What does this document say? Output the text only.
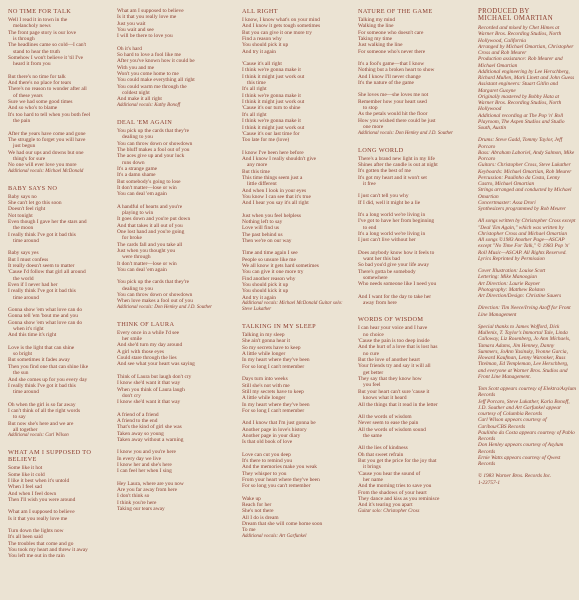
NO TIME FOR TALK
Well I read it in town in the
melancholy news
The front page story is our love
is through
The headlines came so cold—I can't
stand to hear the truth
Somehow I won't believe it 'til I've
heard it from you
But there's no time for talk
And there's no place for tears
There's no reason to wonder after all
of these years
Sure we had some good times
And so who's to blame
It's too hard to tell when you both feel
the pain
After the years have come and gone
The struggle to forget you will have
just begun
We had our ups and downs but one
thing's for sure
No one will ever love you more
Additional vocals: Michael McDonald
BABY SAYS NO
Baby says no
She can't let go this soon
Doesn't feel right
Not tonight
Even though I gave her the stars and
the moon
I really think I've got it bad this
time around
Baby says yes
But I must confess
It really doesn't seem to matter
'Cause I'd follow that girl all around
the world
Even if I never had her
I really think I've got it bad this
time around
Gonna show 'em what love can do
Gonna tell 'em 'bout me and you
Gonna show 'em what love can do
when it's right
And this time it's right
Love is the light that can shine
so bright
But sometimes it fades away
Then you find one that can shine like
the sun
And she comes up for you every day
I really think I've got it bad this
time around
Oh when the girl is so far away
I can't think of all the right words
to say
But now she's here and we are
all together
Additional vocals: Carl Wilson
WHAT AM I SUPPOSED TO BELIEVE
Some like it hot
Some like it cold
I like it best when it's untold
When I feel sad
And when I feel down
Then I'll wish you were around
What am I supposed to believe
Is it that you really love me
Turn down the lights now
It's all been said
The troubles that come and go
You took my heart and threw it away
You left me out in the rain
What am I supposed to believe
Is it that you really love me
Just you wait
You wait and see
I will be there to love you
Oh it's hard
So hard to love a fool like me
After you've known how it could be
With you and me
Won't you come home to me
You could make everything all right
You could warm me through the
coldest night
And make it all right
Additional vocals: Kathy Bonoff
DEAL 'EM AGAIN
You pick up the cards that they're
dealing to you
You can throw down or showdown
The bluff makes a fool out of you
The aces give up and your luck
runs down
It's a strange game
It's a damn shame
But somebody's going to lose
It don't matter—lose or win
You can deal 'em again
A handful of hearts and you're
playing to win
It goes down and you're put down
And that takes it all out of you
One lost hand and you're going
for broke
The cards fall and you take all
Just when you thought you
were through
It don't matter—lose or win
You can deal 'em again
You pick up the cards that they're
dealing to you
You can throw down or showdown
When love makes a fool out of you
Additional vocals: Don Henley and J.D. Souther
THINK OF LAURA
Every once in a while I'd see
her smile
And she'd turn my day around
A girl with those eyes
Could stare through the lies
And see what your heart was saying
Think of Laura but laugh don't cry
I know she'd want it that way
When you think of Laura laugh
don't cry
I know she'd want it that way
A friend of a friend
A friend to the end
That's the kind of girl she was
Taken away so young
Taken away without a warning
I know you and you're here
In every day we live
I know her and she's here
I can feel her when I sing
Hey Laura, where are you now
Are you far away from here
I don't think so
I think you're here
Taking our tears away
ALL RIGHT
I know, I know what's on your mind
And I know it gets tough sometimes
But you can give it one more try
Find a reason why
You should pick it up
And try it again
'Cause it's all right
I think we're gonna make it
I think it might just work out
this time
It's all right
I think we're gonna make it
I think it might just work out
'Cause it's our turn to shine
It's all right
I think we're gonna make it
I think it might just work out
'Cause it's our last time for
Too late for me (love)
I know I've been here before
And I know I really shouldn't give
any more
But this time
This time things seem just a
little different
And when I look in your eyes
You know I can see that it's true
And I hear you say it's all right
Just when you feel helpless
Nothing left to say
Love will find us
The past behind us
Then we're on our way
Time and time again I see
People so unsure like me
We all know it gets hard sometimes
You can give it one more try
Find another reason why
You should pick it up
You should kick it up
And try it again
Additional vocals: Michael McDonald Guitar solo: Steve Lukather
TALKING IN MY SLEEP
Talking in my sleep
She ain't gonna hear it
So my secrets have to keep
A little while longer
In my heart where they've been
For so long I can't remember
Days turn into weeks
Still she's not with me
Still my secrets have to keep
A little while longer
In my heart where they've been
For so long I can't remember
And I know that I'm just gonna be
Another page in love's history
Another page in your diary
Is that old book of love
Love can cut you deep
It's there to remind you
And the memories make you weak
They whisper to you
From your heart where they've been
For so long you can't remember
Wake up
Reach for her
She's not there
All I do is dream
Dream that she will come home soon
To me
Additional vocals: Art Garfunkel
NATURE OF THE GAME
Talking my mind
Walking the line
For someone who doesn't care
Taking my time
Just walking the line
For someone who's never there
It's a fool's game—that I know
Nothing but a broken heart to show
And I know I'll never change
It's the nature of the game
She loves me—she loves me not
Remember how your heart used
to stop
As the petals would hit the floor
How you wished there could be just
one more
Additional vocals: Don Henley and J.D. Souther
LONG WORLD
There's a brand new light in my life
Shines after the candle is out at night
It's gotten the best of me
It's got my heart and it won't set
it free
I just can't tell you why
If I did, well it might be a lie
It's a long world we're living in
I've got to have her from beginning
to end
It's a long world we're living in
I just can't live without her
Does anybody know how it feels to
want her this bad
So bad you'd give your life away
There's gotta be somebody
somewhere
Who needs someone like I need you
And I want for the day to take her
away from here
WORDS OF WISDOM
I can hear your voice and I have
no choice
'Cause the pain is too deep inside
And the hurt of a love that is lost has
no cure
But the love of another heart
Your friends try and say it will all
get better
They say that they know how
you feel
But your heart can't sure 'cause it
knows what it heard
All the things that it read in the letter
All the words of wisdom
Never seem to ease the pain
All the words of wisdom sound
the same
All the lies of kindness
Oh that sweet refrain
But you get the price for the joy that
it brings
'Cause you hear the sound of
her name
And the morning tries to save you
From the shadows of your heart
They dance and kiss as you reminisce
And it's tearing you apart
Guitar solo: Christopher Cross
PRODUCED BY
MICHAEL OMARTIAN
Recorded and mixed by Chet Himes at Warner Bros. Recording Studios, North Hollywood, California
Arranged by Michael Omartian, Christopher Cross and Rob Meurer
Production assistance: Rob Meurer and Michael Omartian
Additional engineering by Lee Herschberg, Richard Mullen, Mark Linett and John Guess
Assistant engineers: Stuart Gitlin and Margaret Guoyne
Originally mastered by Bobby Hata at Warner Bros. Recording Studios, North Hollywood
Additional recording at The Pop 'n' Roll Playroom, The Aspen Studios and Studio South, Austin
Drums: Steve Gadd, Tommy Taylor, Jeff Porcaro
Bass: Abraham Laboriel, Andy Salmon, Mike Porcaro
Guitars: Christopher Cross, Steve Lukather
Keyboards: Michael Omartian, Rob Meurer
Percussion: Paulinho da Costa, Lenny Castro, Michael Omartian
Strings arranged and conducted by Michael Omartian
Concertmaster: Assa Drori
Synthesizers programmed by Rob Meurer
All songs written by Christopher Cross except "Deal 'Em Again," which was written by Christopher Cross and Michael Omartian
All songs ©1983 Another Page—ASCAP except "No Time For Talk," © 1983 Pop 'n' Roll Music—ASCAP. All Rights Reserved. Lyrics Reprinted by Permission
Cover Illustration: Louise Scott
Lettering: Mike Manoogian
Art Direction: Laurie Rayner
Photography: Matthew Rolston
Art Direction/Design: Christine Sauers
Direction: Tim Neece/Irving Azoff for Front Line Management
Special thanks to James Wofford, Dick Mullenix, T. Taylor's Immortal Tale, Linda Calloway, Liz Rosenberg, Jo Ann Michaels, Tamara Adams, Jim Henney, Danny Summers, JoAnn Yasinsky, Yvonne Garcia, Howard Kaufman, Lenny Waronker, Russ Titelman, Ed Templeman, Lee Herschberg, and everyone at Warner Bros. Studios and Front Line Management.
Tom Scott appears courtesy of Elektra/Asylum Records
Jeff Porcaro, Steve Lukather, Karla Bonoff, J.D. Souther and Art Garfunkel appear courtesy of Columbia Records
Carl Wilson appears courtesy of Caribou/CBS Records
Paulinho da Costa appears courtesy of Pablo Records
Don Henley appears courtesy of Asylum Records
Ernie Watts appears courtesy of Qwest Records
© 1983 Warner Bros. Records Inc.
1-23757-1
